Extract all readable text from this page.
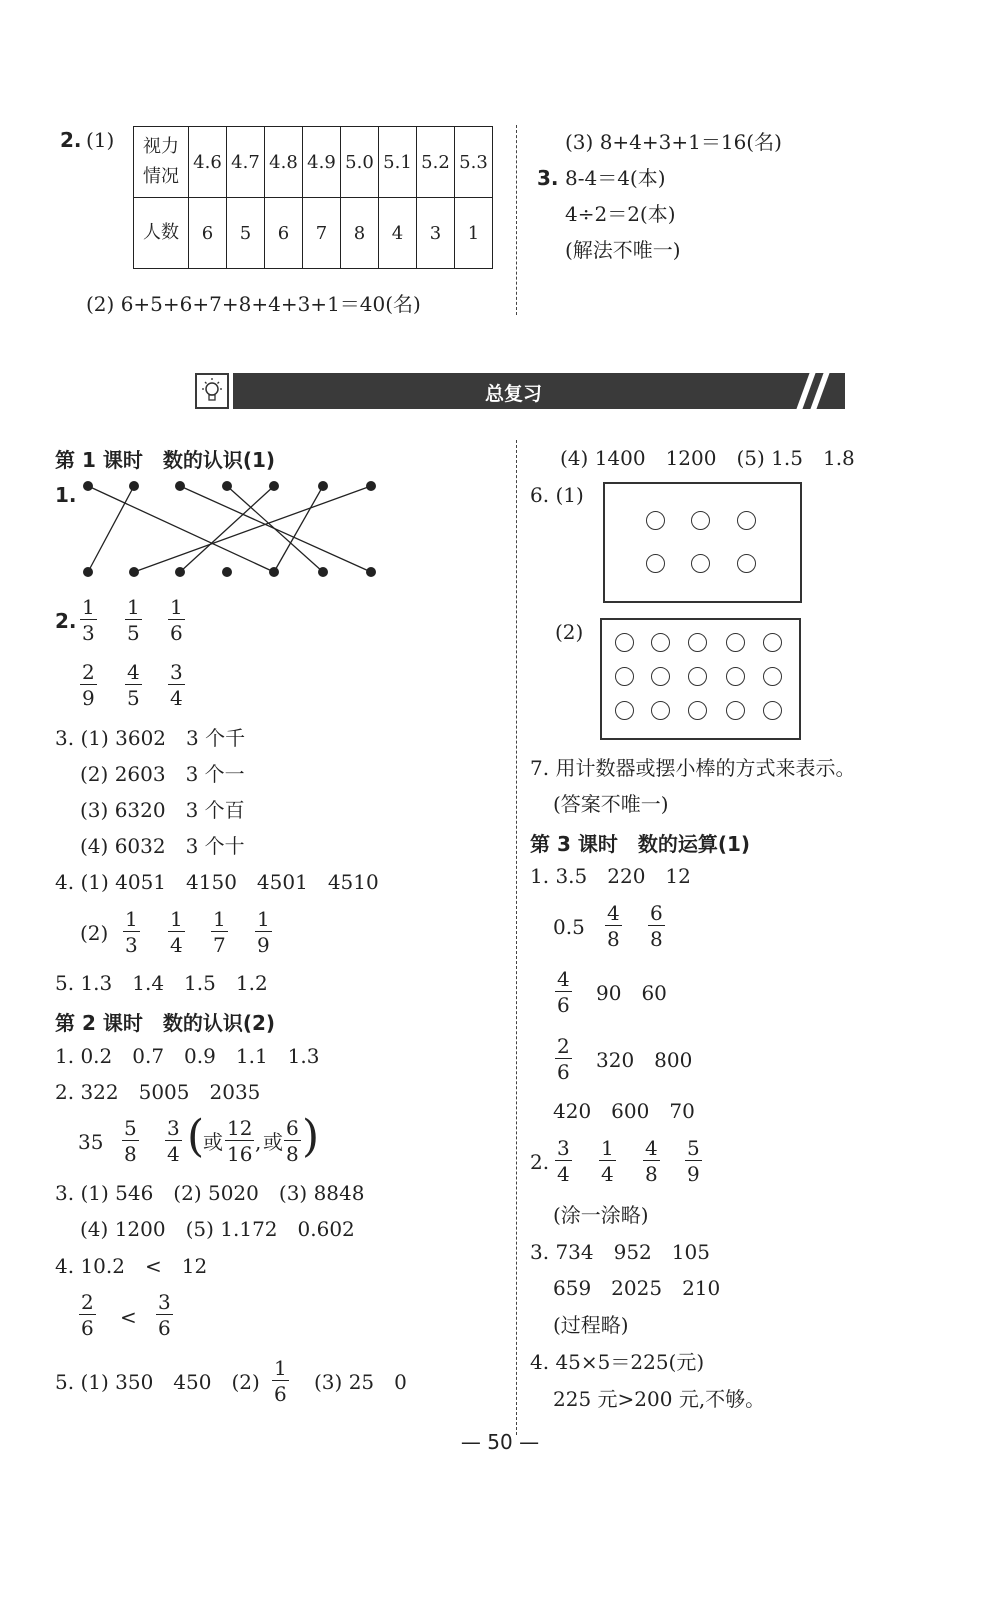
2. (1) 视力
情况	4.6	4.7	4.8	4.9	5.0	5.1	5.2	5.3
人数	6	5	6	7	8	4	3	1
(2) 6+5+6+7+8+4+3+1＝40(名)
(3) 8+4+3+1＝16(名)
3. 8-4＝4(本)
4÷2＝2(本)
(解法不唯一)
总复习
第 1 课时　数的认识(1)
1.
2. $\frac{1}{3} \frac{1}{5} \frac{1}{6}$
$\frac{2}{9} \frac{4}{5} \frac{3}{4}$
3. (1) 3602　3 个千
(2) 2603　3 个一
(3) 6320　3 个百
(4) 6032　3 个十
4. (1) 4051　4150　4501　4510
$(2) \frac{1}{3} \frac{1}{4} \frac{1}{7} \frac{1}{9}$
5. 1.3　1.4　1.5　1.2
第 2 课时　数的认识(2)
1. 0.2　0.7　0.9　1.1　1.3
2. 322　5005　2035
$35 \frac{5}{8} \frac{3}{4}$ (
或 $\frac{12}{16}$ , 或 $\frac{6}{8}$ )
3. (1) 546　(2) 5020　(3) 8848
(4) 1200　(5) 1.172　0.602
4. 10.2　<　12
$\frac{2}{6} < \frac{3}{6}$
5. (1) 350　450　$(2) \frac{1}{6} (3)$ 25　0
(4) 1400　1200　(5) 1.5　1.8
6. (1)
(2)
7. 用计数器或摆小棒的方式来表示。
(答案不唯一)
第 3 课时　数的运算(1)
1. 3.5　220　12
$0.5 \frac{4}{8} \frac{6}{8}$
$\frac{4}{6} 90$　60
$\frac{2}{6} 320$　800
420　600　70
2. $\frac{3}{4} \frac{1}{4} \frac{4}{8} \frac{5}{9}$
(涂一涂略)
3. 734　952　105
659　2025　210
(过程略)
4. 45×5＝225(元)
225 元>200 元,不够。
— 50 —
